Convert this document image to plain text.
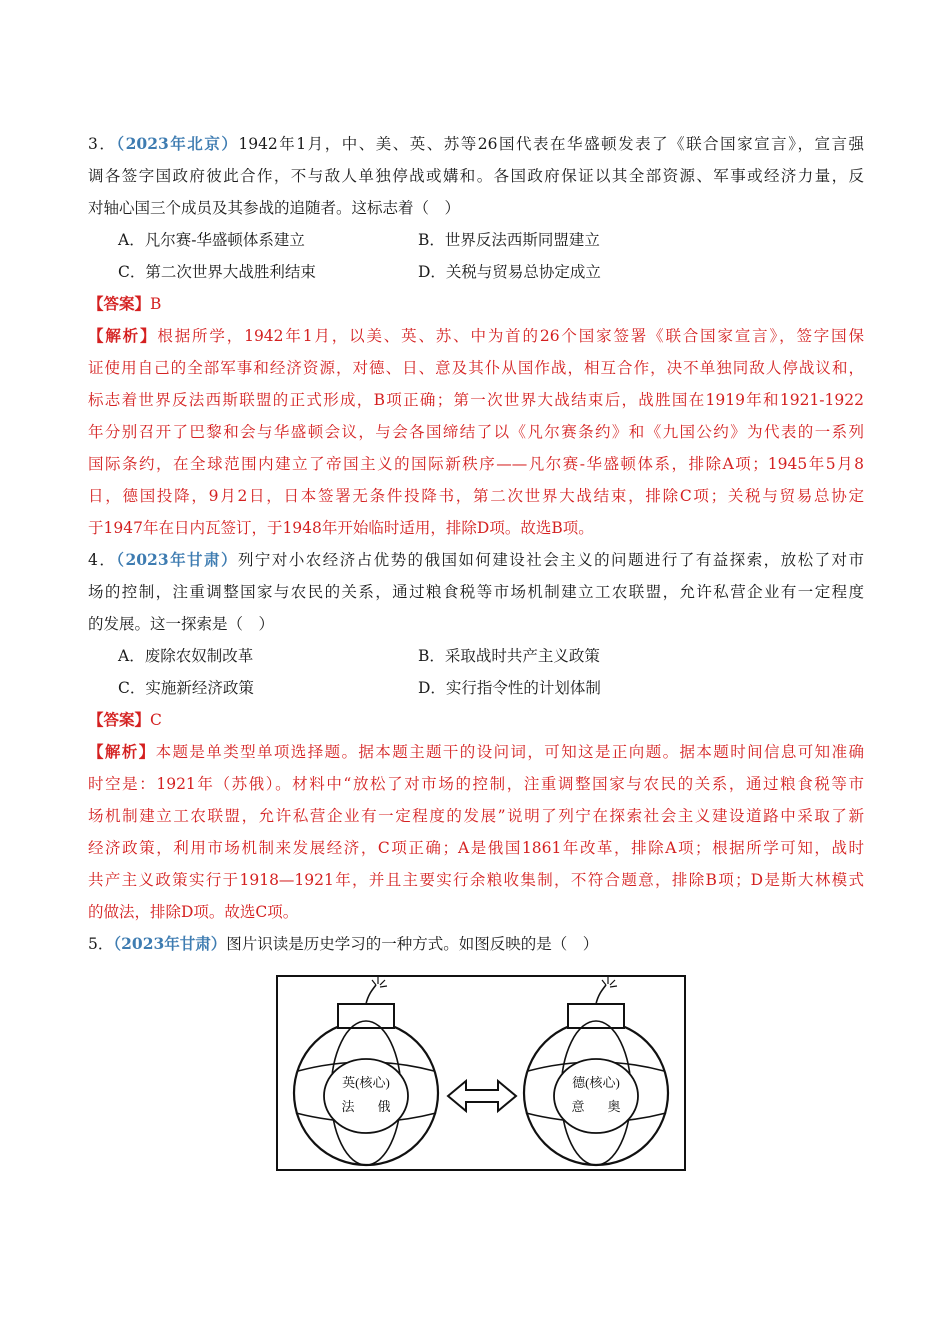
3．（2023年北京）1942年1月，中、美、英、苏等26国代表在华盛顿发表了《联合国家宣言》，宣言强
调各签字国政府彼此合作，不与敌人单独停战或媾和。各国政府保证以其全部资源、军事或经济力量，反
对轴心国三个成员及其参战的追随者。这标志着（　）
A．凡尔赛-华盛顿体系建立	B．世界反法西斯同盟建立
C．第二次世界大战胜利结束	D．关税与贸易总协定成立
【答案】B
【解析】根据所学，1942年1月，以美、英、苏、中为首的26个国家签署《联合国家宣言》，签字国保
证使用自己的全部军事和经济资源，对德、日、意及其仆从国作战，相互合作，决不单独同敌人停战议和，
标志着世界反法西斯联盟的正式形成，B项正确；第一次世界大战结束后，战胜国在1919年和1921-1922
年分别召开了巴黎和会与华盛顿会议，与会各国缔结了以《凡尔赛条约》和《九国公约》为代表的一系列
国际条约，在全球范围内建立了帝国主义的国际新秩序——凡尔赛-华盛顿体系，排除A项；1945年5月8
日，德国投降，9月2日，日本签署无条件投降书，第二次世界大战结束，排除C项；关税与贸易总协定
于1947年在日内瓦签订，于1948年开始临时适用，排除D项。故选B项。
4．（2023年甘肃）列宁对小农经济占优势的俄国如何建设社会主义的问题进行了有益探索，放松了对市
场的控制，注重调整国家与农民的关系，通过粮食税等市场机制建立工农联盟，允许私营企业有一定程度
的发展。这一探索是（　）
A．废除农奴制改革	B．采取战时共产主义政策
C．实施新经济政策	D．实行指令性的计划体制
【答案】C
【解析】本题是单类型单项选择题。据本题主题干的设问词，可知这是正向题。据本题时间信息可知准确
时空是：1921年（苏俄）。材料中“放松了对市场的控制，注重调整国家与农民的关系，通过粮食税等市
场机制建立工农联盟，允许私营企业有一定程度的发展”说明了列宁在探索社会主义建设道路中采取了新
经济政策，利用市场机制来发展经济，C项正确；A是俄国1861年改革，排除A项；根据所学可知，战时
共产主义政策实行于1918—1921年，并且主要实行余粮收集制，不符合题意，排除B项；D是斯大林模式
的做法，排除D项。故选C项。
5．（2023年甘肃）图片识读是历史学习的一种方式。如图反映的是（　）
英(核心)
法 俄
德(核心)
意 奥
